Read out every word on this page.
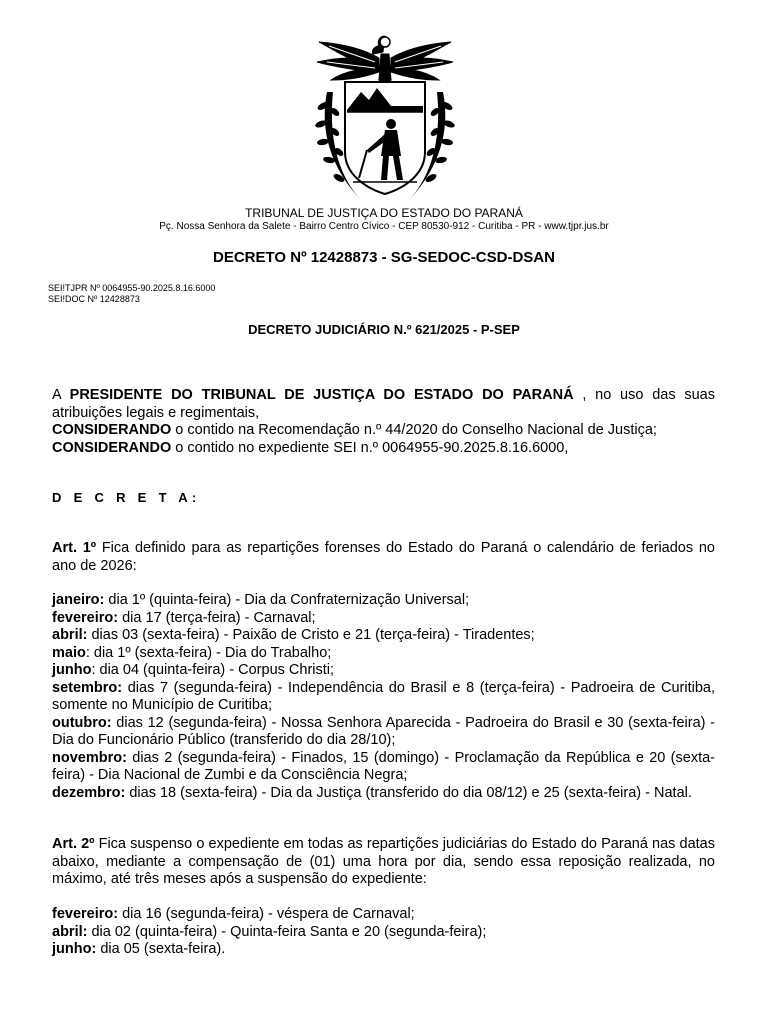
TRIBUNAL DE JUSTIÇA DO ESTADO DO PARANÁ
Pç. Nossa Senhora da Salete - Bairro Centro Cívico - CEP 80530-912 - Curitiba - PR - www.tjpr.jus.br
DECRETO Nº 12428873 - SG-SEDOC-CSD-DSAN
SEI!TJPR Nº 0064955-90.2025.8.16.6000
SEI!DOC Nº 12428873
DECRETO JUDICIÁRIO N.º 621/2025 - P-SEP

A PRESIDENTE DO TRIBUNAL DE JUSTIÇA DO ESTADO DO PARANÁ , no uso das suas atribuições legais e regimentais,

CONSIDERANDO o contido na Recomendação n.º 44/2020 do Conselho Nacional de Justiça;

CONSIDERANDO o contido no expediente SEI n.º 0064955-90.2025.8.16.6000,

D E C R E T A:

Art. 1º Fica definido para as repartições forenses do Estado do Paraná o calendário de feriados no ano de 2026:

janeiro: dia 1º (quinta-feira) - Dia da Confraternização Universal;

fevereiro: dia 17 (terça-feira) - Carnaval;

abril: dias 03 (sexta-feira) - Paixão de Cristo e 21 (terça-feira) - Tiradentes;

maio: dia 1º (sexta-feira) - Dia do Trabalho;

junho: dia 04 (quinta-feira) - Corpus Christi;

setembro: dias 7 (segunda-feira) - Independência do Brasil e 8 (terça-feira) - Padroeira de Curitiba, somente no Município de Curitiba;

outubro: dias 12 (segunda-feira) - Nossa Senhora Aparecida - Padroeira do Brasil e 30 (sexta-feira) - Dia do Funcionário Público (transferido do dia 28/10);

novembro: dias 2 (segunda-feira) - Finados, 15 (domingo) - Proclamação da República e 20 (sexta-feira) - Dia Nacional de Zumbi e da Consciência Negra;

dezembro: dias 18 (sexta-feira) - Dia da Justiça (transferido do dia 08/12) e 25 (sexta-feira) - Natal.

Art. 2º Fica suspenso o expediente em todas as repartições judiciárias do Estado do Paraná nas datas abaixo, mediante a compensação de (01) uma hora por dia, sendo essa reposição realizada, no máximo, até três meses após a suspensão do expediente:

fevereiro: dia 16 (segunda-feira) - véspera de Carnaval;

abril: dia 02 (quinta-feira) - Quinta-feira Santa e 20 (segunda-feira);

junho: dia 05 (sexta-feira).
